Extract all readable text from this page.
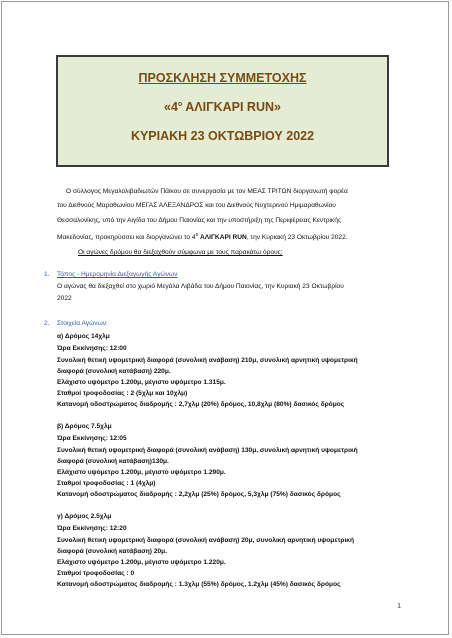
ΠΡΟΣΚΛΗΣΗ ΣΥΜΜΕΤΟΧΗΣ
«$4^o$ ΑΛΙΓΚΑΡΙ RUN»
ΚΥΡΙΑΚΗ 23 ΟΚΤΩΒΡΙΟΥ 2022
Ο σύλλογος Μεγαλολιβαδιωτών Πάϊκου σε συνεργασία με τον ΜΕΑΣ ΤΡΙΤΩΝ διοργανωτή φορέα
του Διεθνούς Μαραθωνίου ΜΕΓΑΣ ΑΛΕΞΑΝΔΡΟΣ και του Διεθνούς Νυχτερινού Ημιμαραθωνίου
Θεσσαλονίκης, υπό την Αιγίδα του Δήμου Παιονίας και την υποστήριξη της Περιφέρειας Κεντρικής
Μακεδονίας, προκηρύσσει και διοργανώνει το $4^o$ ΑΛΙΓΚΑΡΙ RUN, την Κυριακή 23 Οκτωβρίου 2022.
Οι αγώνες δρόμου θα διεξαχθούν σύμφωνα με τους παρακάτω όρους:
1. Τόπος - Ημερομηνία Διεξαγωγής Αγώνων
Ο αγώνας θα διεξαχθεί στο χωριό Μεγάλα Λιβάδα του Δήμου Παιονίας, την Κυριακή 23 Οκτωβρίου
2022
2. Στοιχεία Αγώνων:
α) Δρόμος 14χλμ
Ώρα Εκκίνησης: 12:00
Συνολική θετική υψομετρική διαφορά (συνολική ανάβαση) 210μ, συνολική αρνητική υψομετρική
διαφορά (συνολική κατάβαση) 220μ.
Ελάχιστο υψόμετρο 1.200μ, μέγιστο υψόμετρο 1.315μ.
Σταθμοί τροφοδοσίας : 2 (5χλμ και 10χλμ)
Κατανομή οδοστρώματος διαδρομής : 2,7χλμ (20%) δρόμος, 10,8χλμ (80%) δασικός δρόμος
β) Δρόμος 7.5χλμ
Ώρα Εκκίνησης: 12:05
Συνολική θετική υψομετρική διαφορά (συνολική ανάβαση) 130μ, συνολική αρνητική υψομετρική
διαφορά (συνολική κατάβαση)130μ.
Ελάχιστο υψόμετρο 1.200μ, μέγιστο υψόμετρο 1.290μ.
Σταθμοί τροφοδοσίας : 1 (4χλμ)
Κατανομή οδοστρώματος διαδρομής : 2,2χλμ (25%) δρόμος, 5,3χλμ (75%) δασικός δρόμος
γ) Δρόμος 2.5χλμ
Ώρα Εκκίνησης: 12:20
Συνολική θετική υψομετρική διαφορά (συνολική ανάβαση) 20μ, συνολική αρνητική υψομετρική
διαφορά (συνολική κατάβαση) 20μ.
Ελάχιστο υψόμετρο 1.200μ, μέγιστο υψόμετρο 1.220μ.
Σταθμοί τροφοδοσίας : 0
Κατανομή οδοστρώματος διαδρομής : 1.3χλμ (55%) δρόμος, 1.2χλμ (45%) δασικός δρόμος
1
